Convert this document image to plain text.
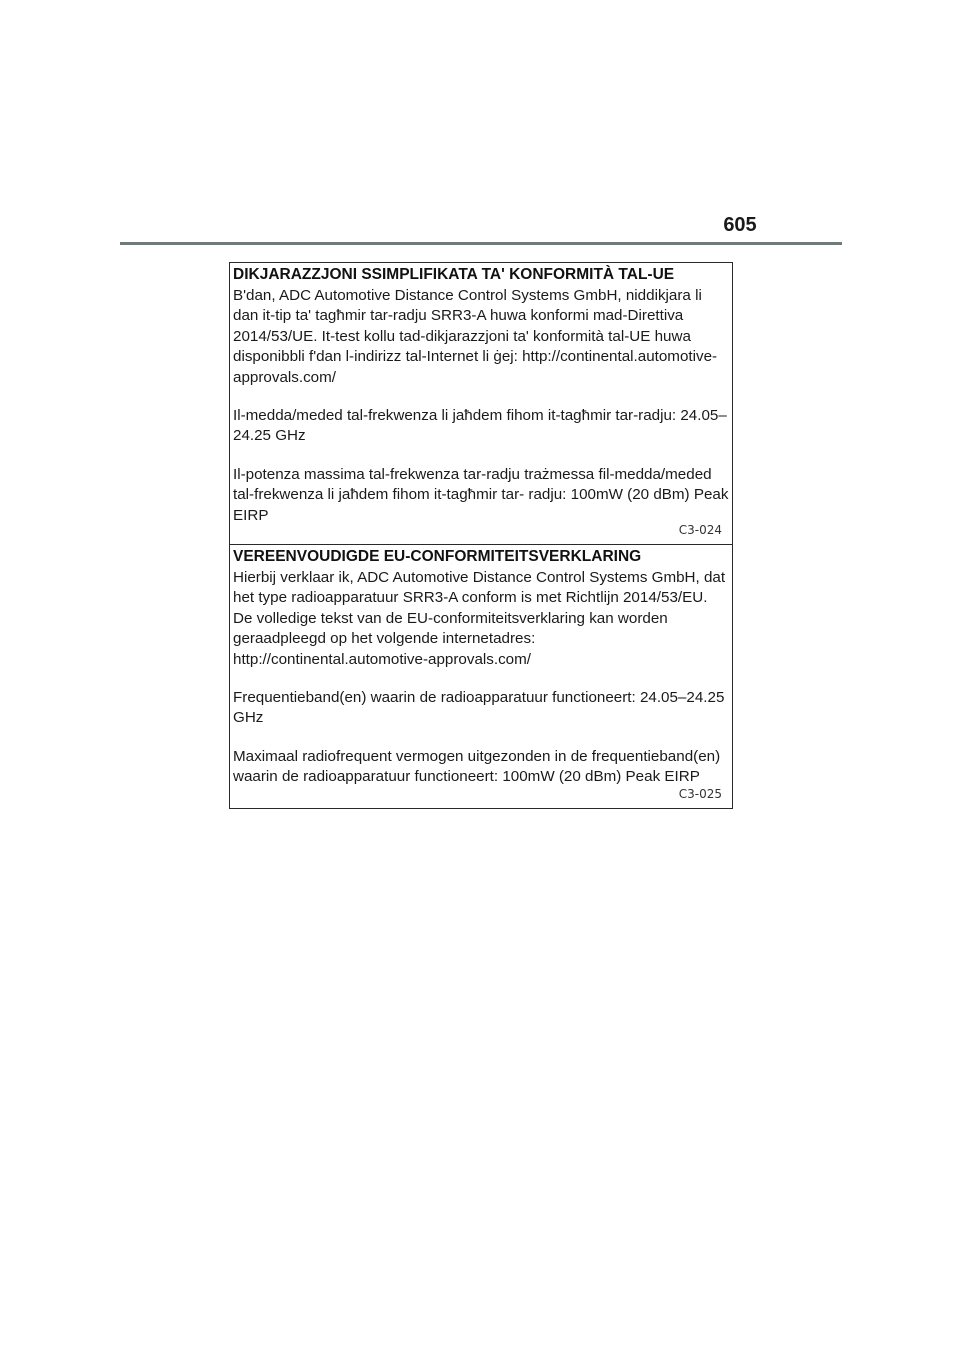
605

DIKJARAZZJONI SSIMPLIFIKATA TA' KONFORMITÀ TAL-UE

B'dan, ADC Automotive Distance Control Systems GmbH, niddikjara li dan it-tip ta' tagħmir tar-radju SRR3-A huwa konformi mad-Direttiva 2014/53/UE. It-test kollu tad-dikjarazzjoni ta' konformità tal-UE huwa disponibbli f'dan l-indirizz tal-Internet li ġej: http://continental.automotive-approvals.com/

Il-medda/meded tal-frekwenza li jaħdem fihom it-tagħmir tar-radju: 24.05–24.25 GHz

Il-potenza massima tal-frekwenza tar-radju trażmessa fil-medda/meded tal-frekwenza li jaħdem fihom it-tagħmir tar- radju: 100mW (20 dBm) Peak EIRP

C3-024

VEREENVOUDIGDE EU-CONFORMITEITSVERKLARING

Hierbij verklaar ik, ADC Automotive Distance Control Systems GmbH, dat het type radioapparatuur SRR3-A conform is met Richtlijn 2014/53/EU. De volledige tekst van de EU-conformiteitsverklaring kan worden geraadpleegd op het volgende internetadres: http://continental.automotive-approvals.com/

Frequentieband(en) waarin de radioapparatuur functioneert: 24.05–24.25 GHz

Maximaal radiofrequent vermogen uitgezonden in de frequentieband(en) waarin de radioapparatuur functioneert: 100mW (20 dBm) Peak EIRP

C3-025
